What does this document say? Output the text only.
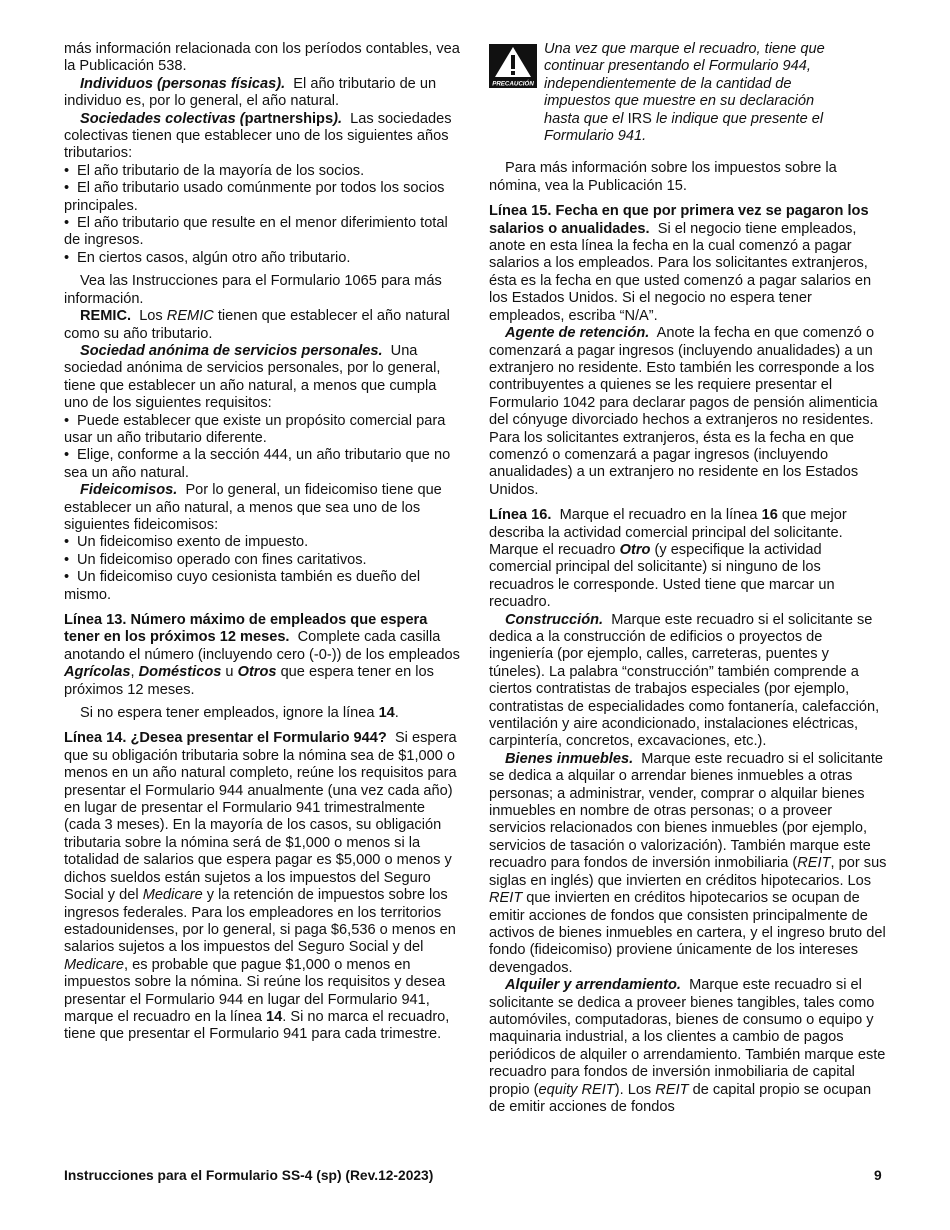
más información relacionada con los períodos contables, vea la Publicación 538.

Individuos (personas físicas). El año tributario de un individuo es, por lo general, el año natural.

Sociedades colectivas (partnerships). Las sociedades colectivas tienen que establecer uno de los siguientes años tributarios:

• El año tributario de la mayoría de los socios.

• El año tributario usado comúnmente por todos los socios principales.

• El año tributario que resulte en el menor diferimiento total de ingresos.

• En ciertos casos, algún otro año tributario.

Vea las Instrucciones para el Formulario 1065 para más información.

REMIC. Los REMIC tienen que establecer el año natural como su año tributario.

Sociedad anónima de servicios personales. Una sociedad anónima de servicios personales, por lo general, tiene que establecer un año natural, a menos que cumpla uno de los siguientes requisitos:

• Puede establecer que existe un propósito comercial para usar un año tributario diferente.

• Elige, conforme a la sección 444, un año tributario que no sea un año natural.

Fideicomisos. Por lo general, un fideicomiso tiene que establecer un año natural, a menos que sea uno de los siguientes fideicomisos:

• Un fideicomiso exento de impuesto.

• Un fideicomiso operado con fines caritativos.

• Un fideicomiso cuyo cesionista también es dueño del mismo.

Línea 13. Número máximo de empleados que espera tener en los próximos 12 meses. Complete cada casilla anotando el número (incluyendo cero (-0-)) de los empleados Agrícolas, Domésticos u Otros que espera tener en los próximos 12 meses.

Si no espera tener empleados, ignore la línea 14.

Línea 14. ¿Desea presentar el Formulario 944? Si espera que su obligación tributaria sobre la nómina sea de $1,000 o menos en un año natural completo, reúne los requisitos para presentar el Formulario 944 anualmente (una vez cada año) en lugar de presentar el Formulario 941 trimestralmente (cada 3 meses). En la mayoría de los casos, su obligación tributaria sobre la nómina será de $1,000 o menos si la totalidad de salarios que espera pagar es $5,000 o menos y dichos sueldos están sujetos a los impuestos del Seguro Social y del Medicare y la retención de impuestos sobre los ingresos federales. Para los empleadores en los territorios estadounidenses, por lo general, si paga $6,536 o menos en salarios sujetos a los impuestos del Seguro Social y del Medicare, es probable que pague $1,000 o menos en impuestos sobre la nómina. Si reúne los requisitos y desea presentar el Formulario 944 en lugar del Formulario 941, marque el recuadro en la línea 14. Si no marca el recuadro, tiene que presentar el Formulario 941 para cada trimestre.

PRECAUCIÓN

Una vez que marque el recuadro, tiene que continuar presentando el Formulario 944, independientemente de la cantidad de impuestos que muestre en su declaración hasta que el IRS le indique que presente el Formulario 941.

Para más información sobre los impuestos sobre la nómina, vea la Publicación 15.

Línea 15. Fecha en que por primera vez se pagaron los salarios o anualidades. Si el negocio tiene empleados, anote en esta línea la fecha en la cual comenzó a pagar salarios a los empleados. Para los solicitantes extranjeros, ésta es la fecha en que usted comenzó a pagar salarios en los Estados Unidos. Si el negocio no espera tener empleados, escriba “N/A”.

Agente de retención. Anote la fecha en que comenzó o comenzará a pagar ingresos (incluyendo anualidades) a un extranjero no residente. Esto también les corresponde a los contribuyentes a quienes se les requiere presentar el Formulario 1042 para declarar pagos de pensión alimenticia del cónyuge divorciado hechos a extranjeros no residentes. Para los solicitantes extranjeros, ésta es la fecha en que comenzó o comenzará a pagar ingresos (incluyendo anualidades) a un extranjero no residente en los Estados Unidos.

Línea 16. Marque el recuadro en la línea 16 que mejor describa la actividad comercial principal del solicitante. Marque el recuadro Otro (y especifique la actividad comercial principal del solicitante) si ninguno de los recuadros le corresponde. Usted tiene que marcar un recuadro.

Construcción. Marque este recuadro si el solicitante se dedica a la construcción de edificios o proyectos de ingeniería (por ejemplo, calles, carreteras, puentes y túneles). La palabra “construcción” también comprende a ciertos contratistas de trabajos especiales (por ejemplo, contratistas de especialidades como fontanería, calefacción, ventilación y aire acondicionado, instalaciones eléctricas, carpintería, concretos, excavaciones, etc.).

Bienes inmuebles. Marque este recuadro si el solicitante se dedica a alquilar o arrendar bienes inmuebles a otras personas; a administrar, vender, comprar o alquilar bienes inmuebles en nombre de otras personas; o a proveer servicios relacionados con bienes inmuebles (por ejemplo, servicios de tasación o valorización). También marque este recuadro para fondos de inversión inmobiliaria (REIT, por sus siglas en inglés) que invierten en créditos hipotecarios. Los REIT que invierten en créditos hipotecarios se ocupan de emitir acciones de fondos que consisten principalmente de activos de bienes inmuebles en cartera, y el ingreso bruto del fondo (fideicomiso) proviene únicamente de los intereses devengados.

Alquiler y arrendamiento. Marque este recuadro si el solicitante se dedica a proveer bienes tangibles, tales como automóviles, computadoras, bienes de consumo o equipo y maquinaria industrial, a los clientes a cambio de pagos periódicos de alquiler o arrendamiento. También marque este recuadro para fondos de inversión inmobiliaria de capital propio (equity REIT). Los REIT de capital propio se ocupan de emitir acciones de fondos

Instrucciones para el Formulario SS-4 (sp) (Rev.12-2023)	9
